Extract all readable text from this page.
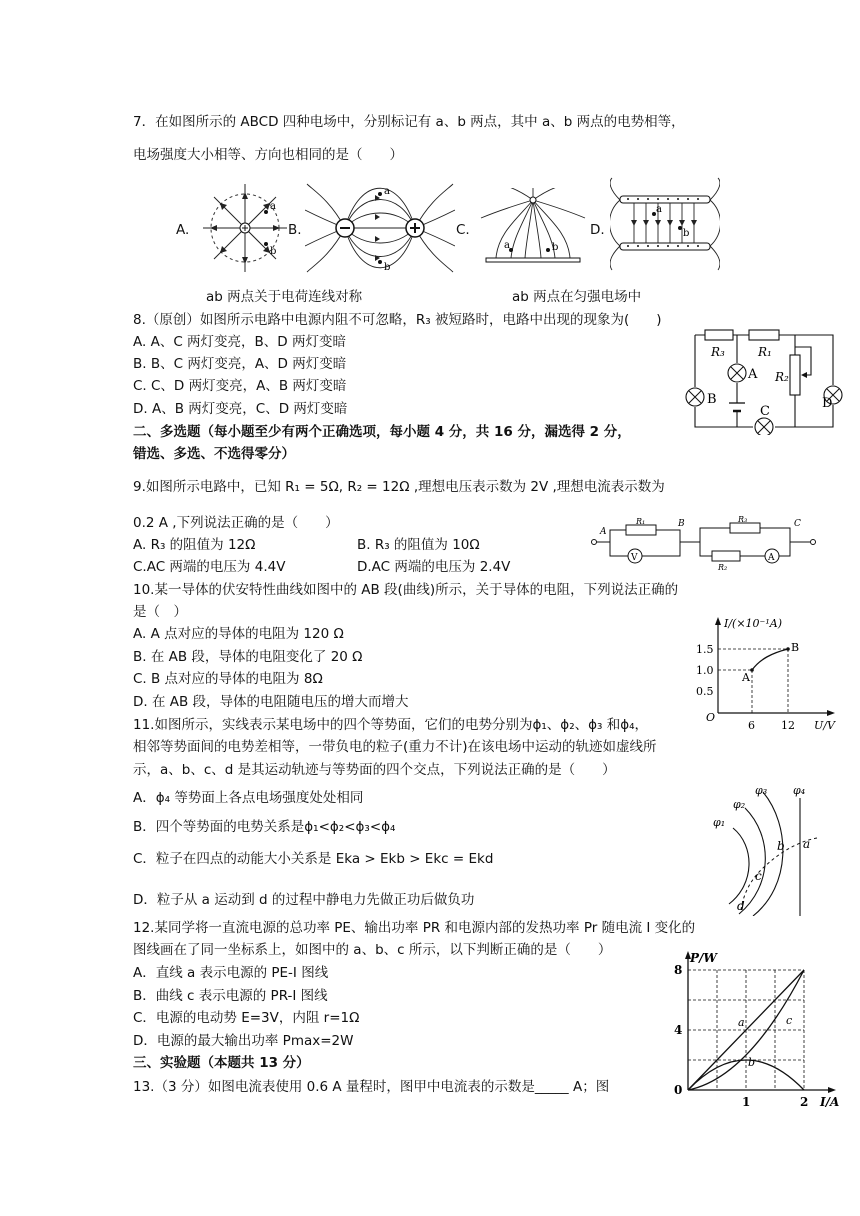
7．在如图所示的 ABCD 四种电场中，分别标记有 a、b 两点，其中 a、b 两点的电势相等，
电场强度大小相等、方向也相同的是（　　）
A.	B.	C.	D.
a
b
a
b
a	b
a
b
ab 两点关于电荷连线对称	ab 两点在匀强电场中
8.（原创）如图所示电路中电源内阻不可忽略，R₃ 被短路时，电路中出现的现象为(　　)
A. A、C 两灯变亮，B、D 两灯变暗
B. B、C 两灯变亮，A、D 两灯变暗
C. C、D 两灯变亮，A、B 两灯变暗
D. A、B 两灯变亮，C、D 两灯变暗
R₃	R₁
R₂
A
B
C
D
二、多选题（每小题至少有两个正确选项，每小题 4 分，共 16 分，漏选得 2 分，
错选、多选、不选得零分）
9.如图所示电路中，已知 R₁ = 5Ω, R₂ = 12Ω ,理想电压表示数为 2V ,理想电流表示数为
0.2 A ,下列说法正确的是（　　）
A. R₃ 的阻值为 12Ω	B. R₃ 的阻值为 10Ω
C.AC 两端的电压为 4.4V	D.AC 两端的电压为 2.4V
V	A
A
B	C
R₁	R₃
R₂
10.某一导体的伏安特性曲线如图中的 AB 段(曲线)所示，关于导体的电阻，下列说法正确的
是（　）
A. A 点对应的导体的电阻为 120 Ω
B. 在 AB 段，导体的电阻变化了 20 Ω
C. B 点对应的导体的电阻为 8Ω
D. 在 AB 段，导体的电阻随电压的增大而增大
I/(×10⁻¹A)
U/V
1.5
1.0
0.5
6 12
O
A
B
11.如图所示，实线表示某电场中的四个等势面，它们的电势分别为ϕ₁、ϕ₂、ϕ₃ 和ϕ₄，
相邻等势面间的电势差相等，一带负电的粒子(重力不计)在该电场中运动的轨迹如虚线所
示，a、b、c、d 是其运动轨迹与等势面的四个交点，下列说法正确的是（　　）
A．ϕ₄ 等势面上各点电场强度处处相同
B．四个等势面的电势关系是ϕ₁<ϕ₂<ϕ₃<ϕ₄
C．粒子在四点的动能大小关系是 Eka > Ekb > Ekc = Ekd
D．粒子从 a 运动到 d 的过程中静电力先做正功后做负功
φ₁
φ₂
φ₃ φ₄
a
b
c
d
12.某同学将一直流电源的总功率 PE、输出功率 PR 和电源内部的发热功率 Pr 随电流 I 变化的
图线画在了同一坐标系上，如图中的 a、b、c 所示，以下判断正确的是（　　）
A．直线 a 表示电源的 PE-I 图线
B．曲线 c 表示电源的 PR-I 图线
C．电源的电动势 E=3V，内阻 r=1Ω
D．电源的最大输出功率 Pmax=2W
P/W
I/A
8
4
0
1	2
a
b
c
三、实验题（本题共 13 分）
13.（3 分）如图电流表使用 0.6 A 量程时，图甲中电流表的示数是_____ A；图
